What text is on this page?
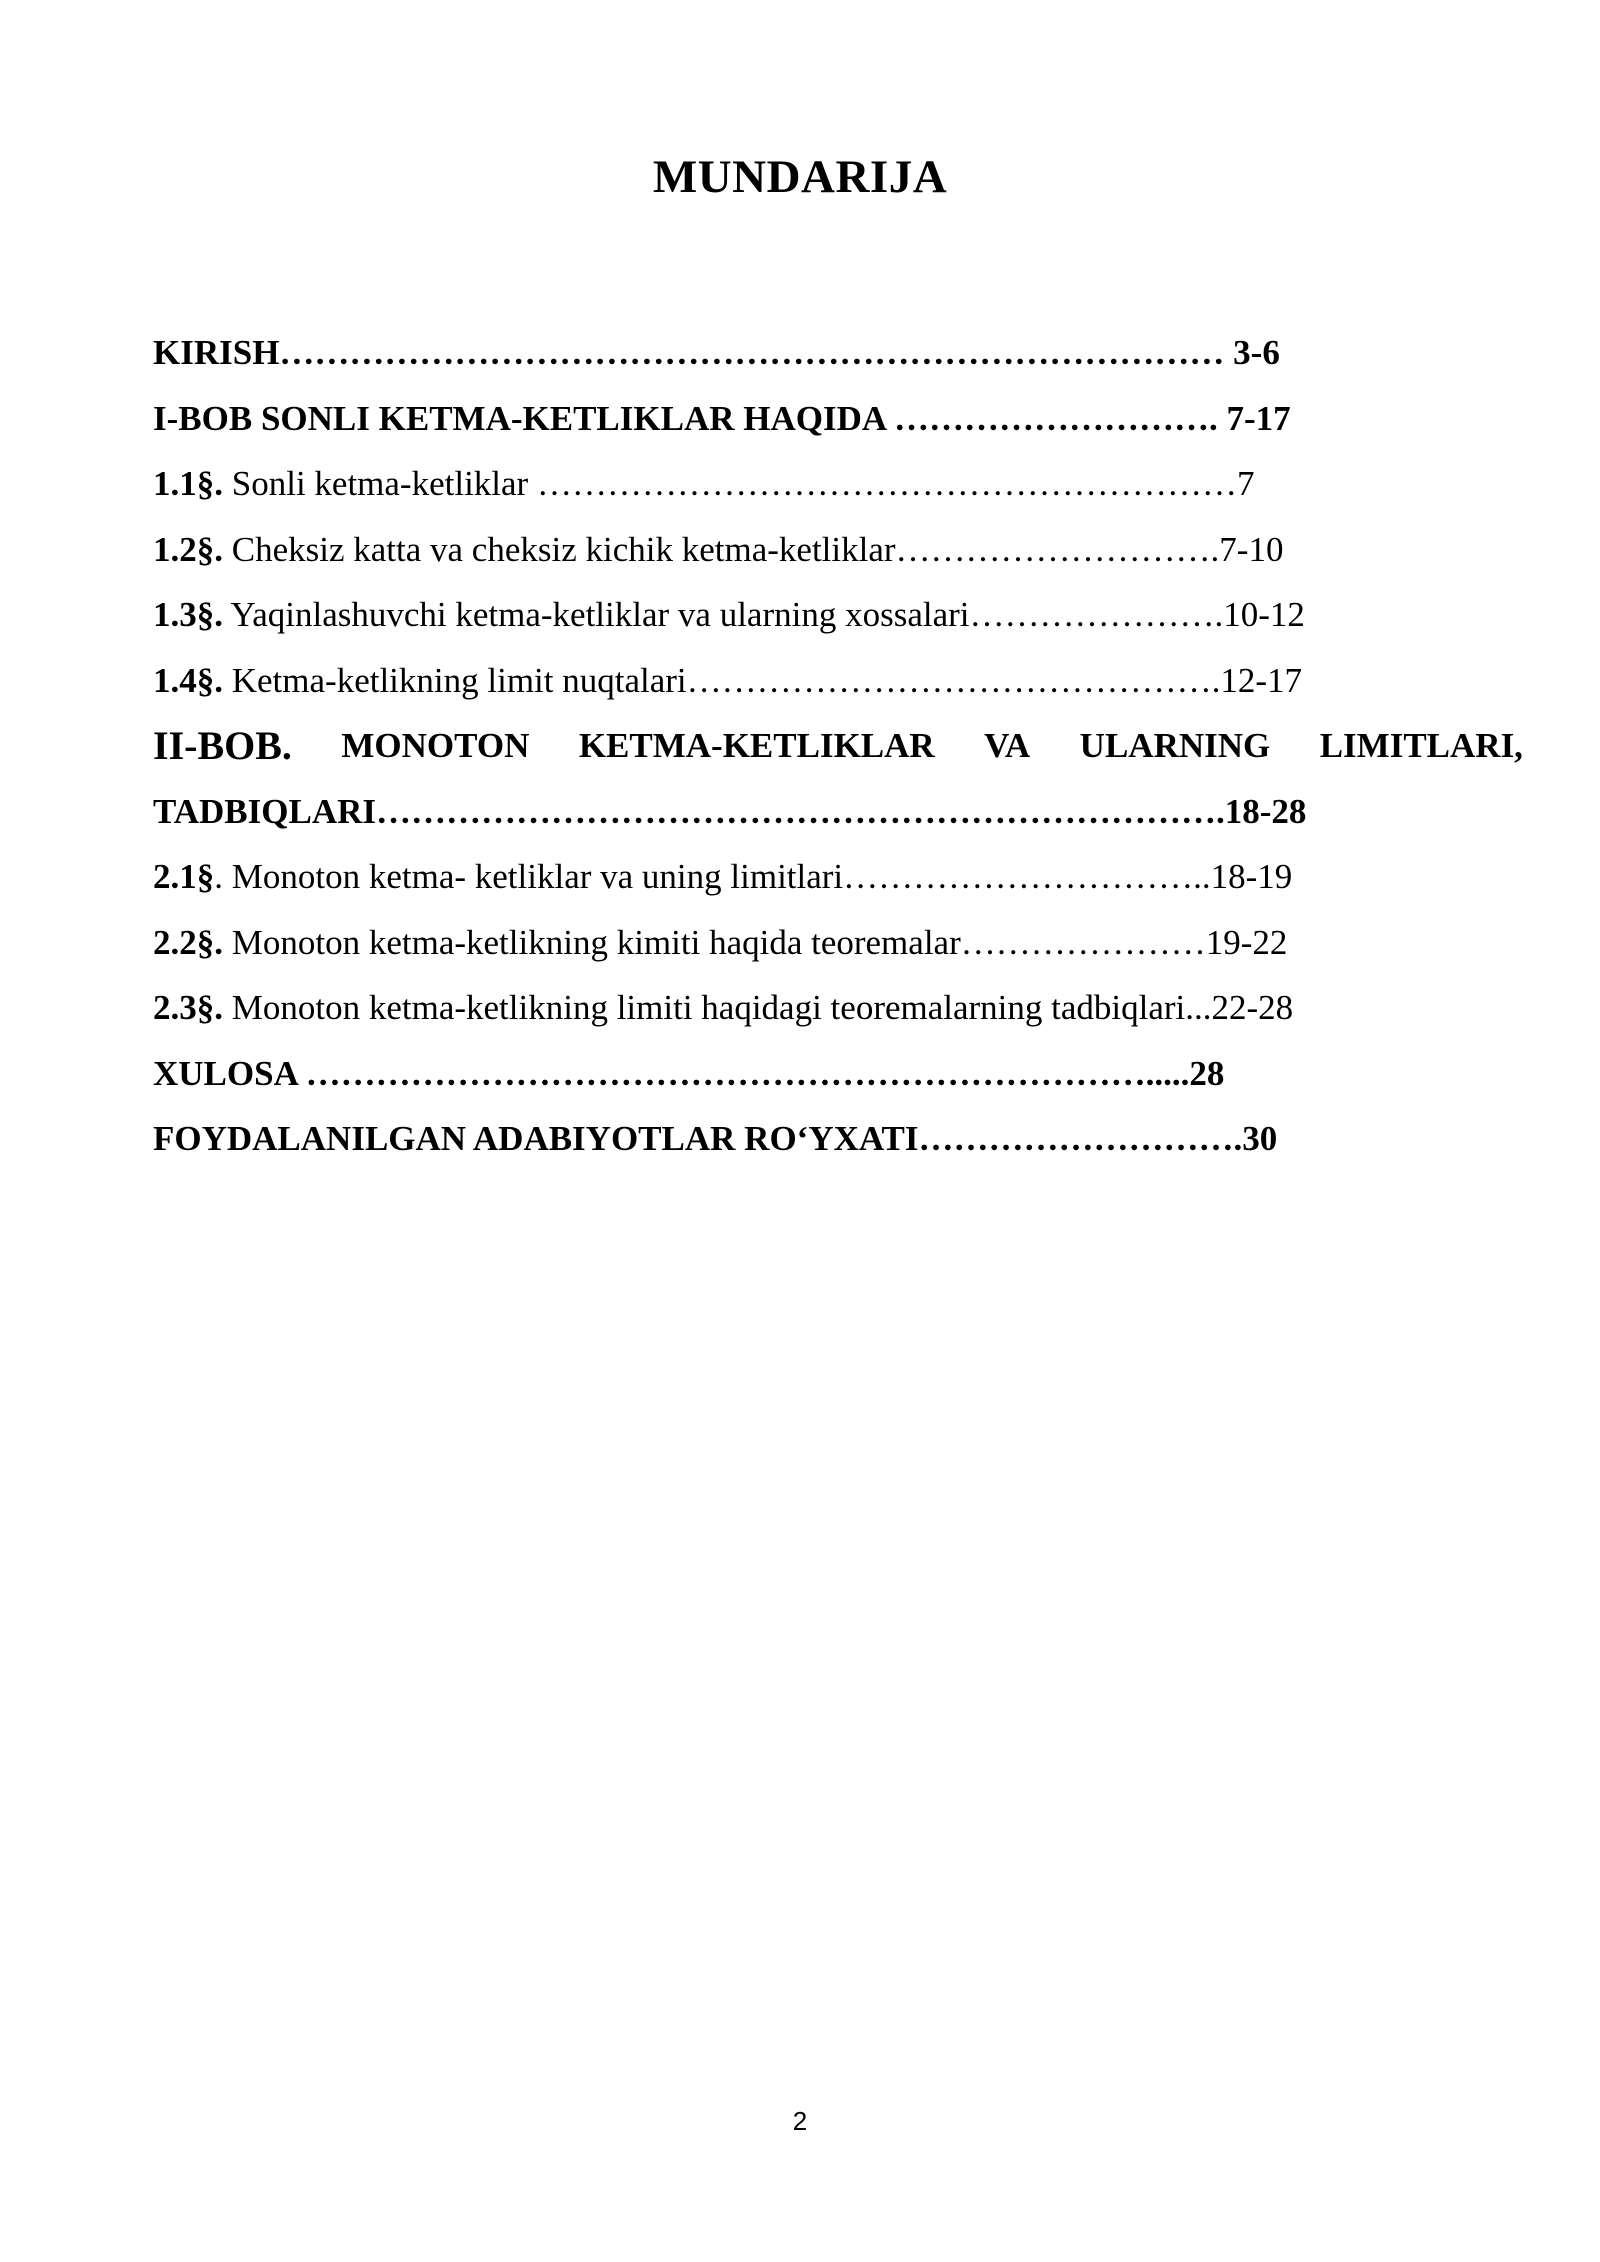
MUNDARIJA
KIRISH……………………………………………………………………… 3-6
I-BOB SONLI KETMA-KETLIKLAR HAQIDA ………………………. 7-17
1.1§. Sonli ketma-ketliklar ……………………………………………………7
1.2§. Cheksiz katta va cheksiz kichik ketma-ketliklar……………………….7-10
1.3§. Yaqinlashuvchi ketma-ketliklar va ularning xossalari………………….10-12
1.4§. Ketma-ketlikning limit nuqtalari……………………………………….12-17
II-BOB. MONOTON KETMA-KETLIKLAR VA ULARNING LIMITLARI,
TADBIQLARI……………………………………………………………….18-28
2.1§. Monoton ketma- ketliklar va uning limitlari…………………………..18-19
2.2§. Monoton ketma-ketlikning kimiti haqida teoremalar…………………19-22
2.3§. Monoton ketma-ketlikning limiti haqidagi teoremalarning tadbiqlari...22-28
XULOSA ……………………………………………………………….....28
FOYDALANILGAN ADABIYOTLAR RO‘YXATI……………………….30
2
